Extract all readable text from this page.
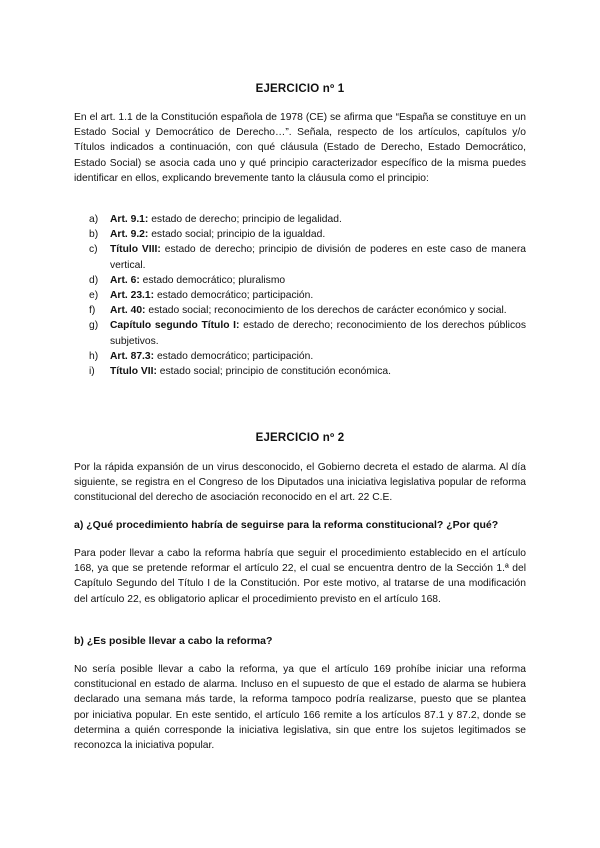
EJERCICIO nº 1

En el art. 1.1 de la Constitución española de 1978 (CE) se afirma que “España se constituye en un Estado Social y Democrático de Derecho…”. Señala, respecto de los artículos, capítulos y/o Títulos indicados a continuación, con qué cláusula (Estado de Derecho, Estado Democrático, Estado Social) se asocia cada uno y qué principio caracterizador específico de la misma puedes identificar en ellos, explicando brevemente tanto la cláusula como el principio:

a)	Art. 9.1: estado de derecho; principio de legalidad.
b)	Art. 9.2: estado social; principio de la igualdad.
c)	Título VIII: estado de derecho; principio de división de poderes en este caso de manera vertical.
d)	Art. 6: estado democrático; pluralismo
e)	Art. 23.1: estado democrático; participación.
f)	Art. 40: estado social; reconocimiento de los derechos de carácter económico y social.
g)	Capítulo segundo Título I: estado de derecho; reconocimiento de los derechos públicos subjetivos.
h)	Art. 87.3: estado democrático; participación.
i)	Título VII: estado social; principio de constitución económica.
EJERCICIO nº 2

Por la rápida expansión de un virus desconocido, el Gobierno decreta el estado de alarma. Al día siguiente, se registra en el Congreso de los Diputados una iniciativa legislativa popular de reforma constitucional del derecho de asociación reconocido en el art. 22 C.E.

a) ¿Qué procedimiento habría de seguirse para la reforma constitucional? ¿Por qué?

Para poder llevar a cabo la reforma habría que seguir el procedimiento establecido en el artículo 168, ya que se pretende reformar el artículo 22, el cual se encuentra dentro de la Sección 1.ª del Capítulo Segundo del Título I de la Constitución. Por este motivo, al tratarse de una modificación del artículo 22, es obligatorio aplicar el procedimiento previsto en el artículo 168.

b) ¿Es posible llevar a cabo la reforma?

No sería posible llevar a cabo la reforma, ya que el artículo 169 prohíbe iniciar una reforma constitucional en estado de alarma. Incluso en el supuesto de que el estado de alarma se hubiera declarado una semana más tarde, la reforma tampoco podría realizarse, puesto que se plantea por iniciativa popular. En este sentido, el artículo 166 remite a los artículos 87.1 y 87.2, donde se determina a quién corresponde la iniciativa legislativa, sin que entre los sujetos legitimados se reconozca la iniciativa popular.
